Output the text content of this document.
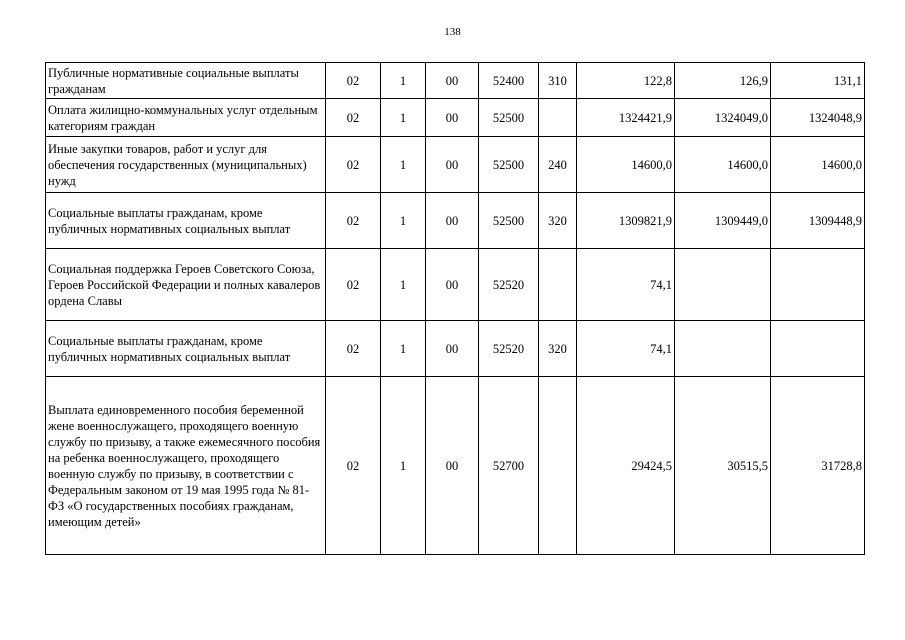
138
Публичные нормативные социальные выплаты гражданам	02	1	00	52400	310	122,8	126,9	131,1
Оплата жилищно-коммунальных услуг отдельным категориям граждан	02	1	00	52500		1324421,9	1324049,0	1324048,9
Иные закупки товаров, работ и услуг для обеспечения государственных (муниципальных) нужд	02	1	00	52500	240	14600,0	14600,0	14600,0
Социальные выплаты гражданам, кроме публичных нормативных социальных выплат	02	1	00	52500	320	1309821,9	1309449,0	1309448,9
Социальная поддержка Героев Советского Союза, Героев Российской Федерации и полных кавалеров ордена Славы	02	1	00	52520		74,1		
Социальные выплаты гражданам, кроме публичных нормативных социальных выплат	02	1	00	52520	320	74,1		
Выплата единовременного пособия беременной жене военнослужащего, проходящего военную службу по призыву, а также ежемесячного пособия на ребенка военнослужащего, проходящего военную службу по призыву, в соответствии с Федеральным законом от 19 мая 1995 года № 81-ФЗ «О государственных пособиях гражданам, имеющим детей»	02	1	00	52700		29424,5	30515,5	31728,8
